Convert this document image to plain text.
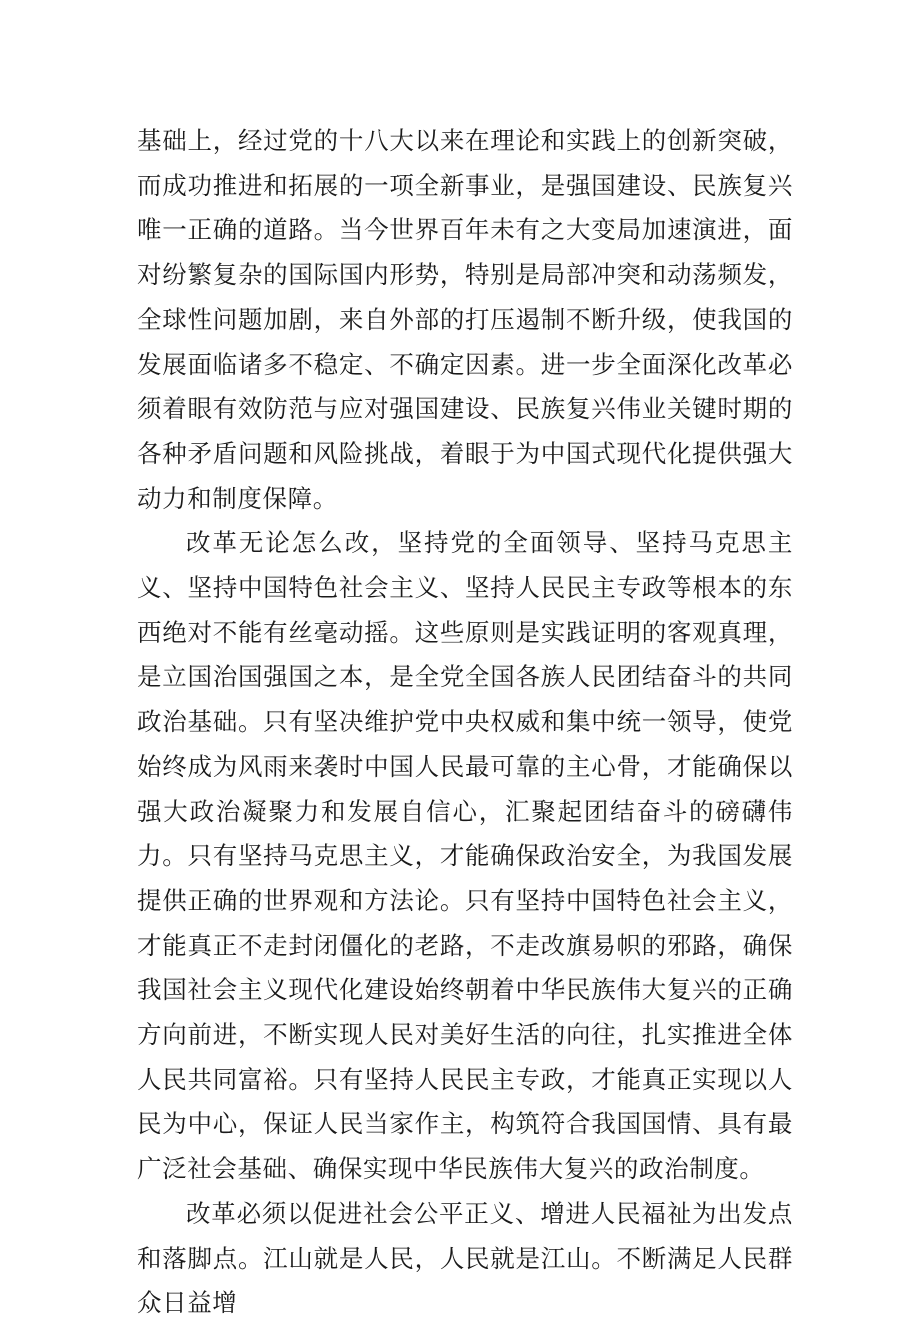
基础上，经过党的十八大以来在理论和实践上的创新突破，而成功推进和拓展的一项全新事业，是强国建设、民族复兴唯一正确的道路。当今世界百年未有之大变局加速演进，面对纷繁复杂的国际国内形势，特别是局部冲突和动荡频发，全球性问题加剧，来自外部的打压遏制不断升级，使我国的发展面临诸多不稳定、不确定因素。进一步全面深化改革必须着眼有效防范与应对强国建设、民族复兴伟业关键时期的各种矛盾问题和风险挑战，着眼于为中国式现代化提供强大动力和制度保障。

改革无论怎么改，坚持党的全面领导、坚持马克思主义、坚持中国特色社会主义、坚持人民民主专政等根本的东西绝对不能有丝毫动摇。这些原则是实践证明的客观真理，是立国治国强国之本，是全党全国各族人民团结奋斗的共同政治基础。只有坚决维护党中央权威和集中统一领导，使党始终成为风雨来袭时中国人民最可靠的主心骨，才能确保以强大政治凝聚力和发展自信心，汇聚起团结奋斗的磅礴伟力。只有坚持马克思主义，才能确保政治安全，为我国发展提供正确的世界观和方法论。只有坚持中国特色社会主义，才能真正不走封闭僵化的老路，不走改旗易帜的邪路，确保我国社会主义现代化建设始终朝着中华民族伟大复兴的正确方向前进，不断实现人民对美好生活的向往，扎实推进全体人民共同富裕。只有坚持人民民主专政，才能真正实现以人民为中心，保证人民当家作主，构筑符合我国国情、具有最广泛社会基础、确保实现中华民族伟大复兴的政治制度。

改革必须以促进社会公平正义、增进人民福祉为出发点和落脚点。江山就是人民，人民就是江山。不断满足人民群众日益增
